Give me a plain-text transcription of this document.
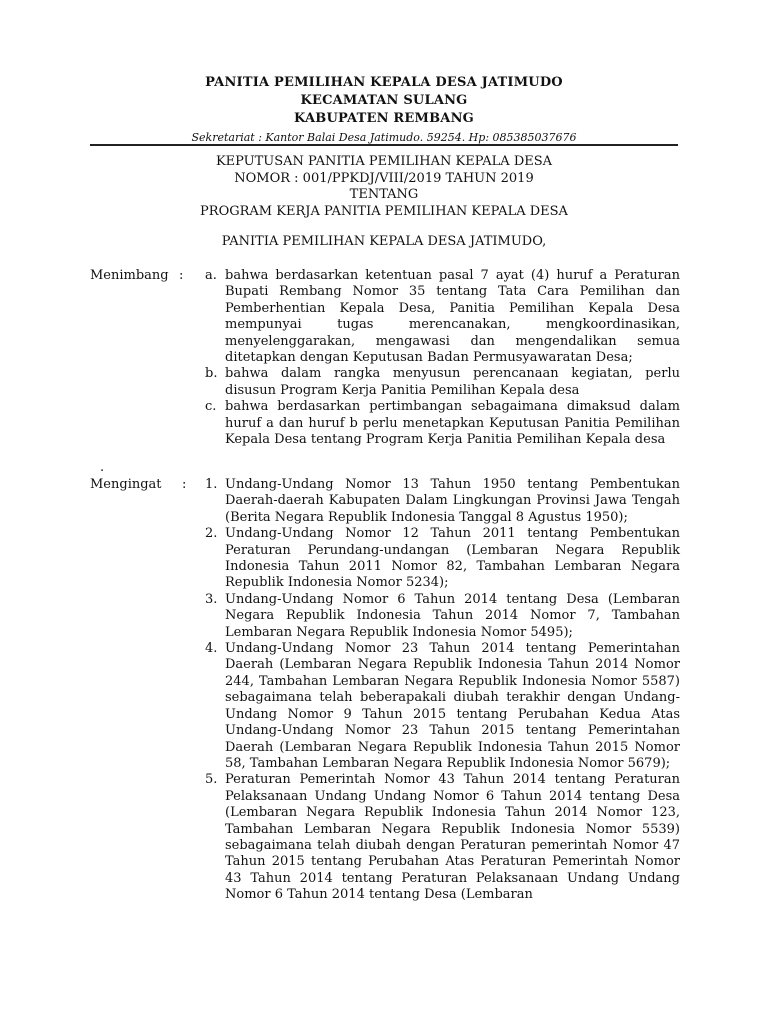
PANITIA PEMILIHAN KEPALA DESA JATIMUDO
KECAMATAN SULANG
KABUPATEN REMBANG
Sekretariat : Kantor Balai Desa Jatimudo. 59254. Hp: 085385037676
KEPUTUSAN PANITIA PEMILIHAN KEPALA DESA
NOMOR : 001/PPKDJ/VIII/2019 TAHUN 2019
TENTANG
PROGRAM KERJA PANITIA PEMILIHAN KEPALA DESA
PANITIA PEMILIHAN KEPALA DESA JATIMUDO,
Menimbang : a. bahwa berdasarkan ketentuan pasal 7 ayat (4) huruf a Peraturan Bupati Rembang Nomor 35 tentang Tata Cara Pemilihan dan Pemberhentian Kepala Desa, Panitia Pemilihan Kepala Desa mempunyai tugas merencanakan, mengkoordinasikan, menyelenggarakan, mengawasi dan mengendalikan semua ditetapkan dengan Keputusan Badan Permusyawaratan Desa;
b. bahwa dalam rangka menyusun perencanaan kegiatan, perlu disusun Program Kerja Panitia Pemilihan Kepala desa
c. bahwa berdasarkan pertimbangan sebagaimana dimaksud dalam huruf a dan huruf b perlu menetapkan Keputusan Panitia Pemilihan Kepala Desa tentang Program Kerja Panitia Pemilihan Kepala desa
.
Mengingat	: 1. Undang-Undang Nomor 13 Tahun 1950 tentang Pembentukan Daerah-daerah Kabupaten Dalam Lingkungan Provinsi Jawa Tengah (Berita Negara Republik Indonesia Tanggal 8 Agustus 1950);
2. Undang-Undang Nomor 12 Tahun 2011 tentang Pembentukan Peraturan Perundang-undangan (Lembaran Negara Republik Indonesia Tahun 2011 Nomor 82, Tambahan Lembaran Negara Republik Indonesia Nomor 5234);
3. Undang-Undang Nomor 6 Tahun 2014 tentang Desa (Lembaran Negara Republik Indonesia Tahun 2014 Nomor 7, Tambahan Lembaran Negara Republik Indonesia Nomor 5495);
4. Undang-Undang Nomor 23 Tahun 2014 tentang Pemerintahan Daerah (Lembaran Negara Republik Indonesia Tahun 2014 Nomor 244, Tambahan Lembaran Negara Republik Indonesia Nomor 5587) sebagaimana telah beberapakali diubah terakhir dengan Undang-Undang Nomor 9 Tahun 2015 tentang Perubahan Kedua Atas Undang-Undang Nomor 23 Tahun 2015 tentang Pemerintahan Daerah (Lembaran Negara Republik Indonesia Tahun 2015 Nomor 58, Tambahan Lembaran Negara Republik Indonesia Nomor 5679);
5. Peraturan Pemerintah Nomor 43 Tahun 2014 tentang Peraturan Pelaksanaan Undang Undang Nomor 6 Tahun 2014 tentang Desa (Lembaran Negara Republik Indonesia Tahun 2014 Nomor 123, Tambahan Lembaran Negara Republik Indonesia Nomor 5539) sebagaimana telah diubah dengan Peraturan pemerintah Nomor 47 Tahun 2015 tentang Perubahan Atas Peraturan Pemerintah Nomor 43 Tahun 2014 tentang Peraturan Pelaksanaan Undang Undang Nomor 6 Tahun 2014 tentang Desa (Lembaran
